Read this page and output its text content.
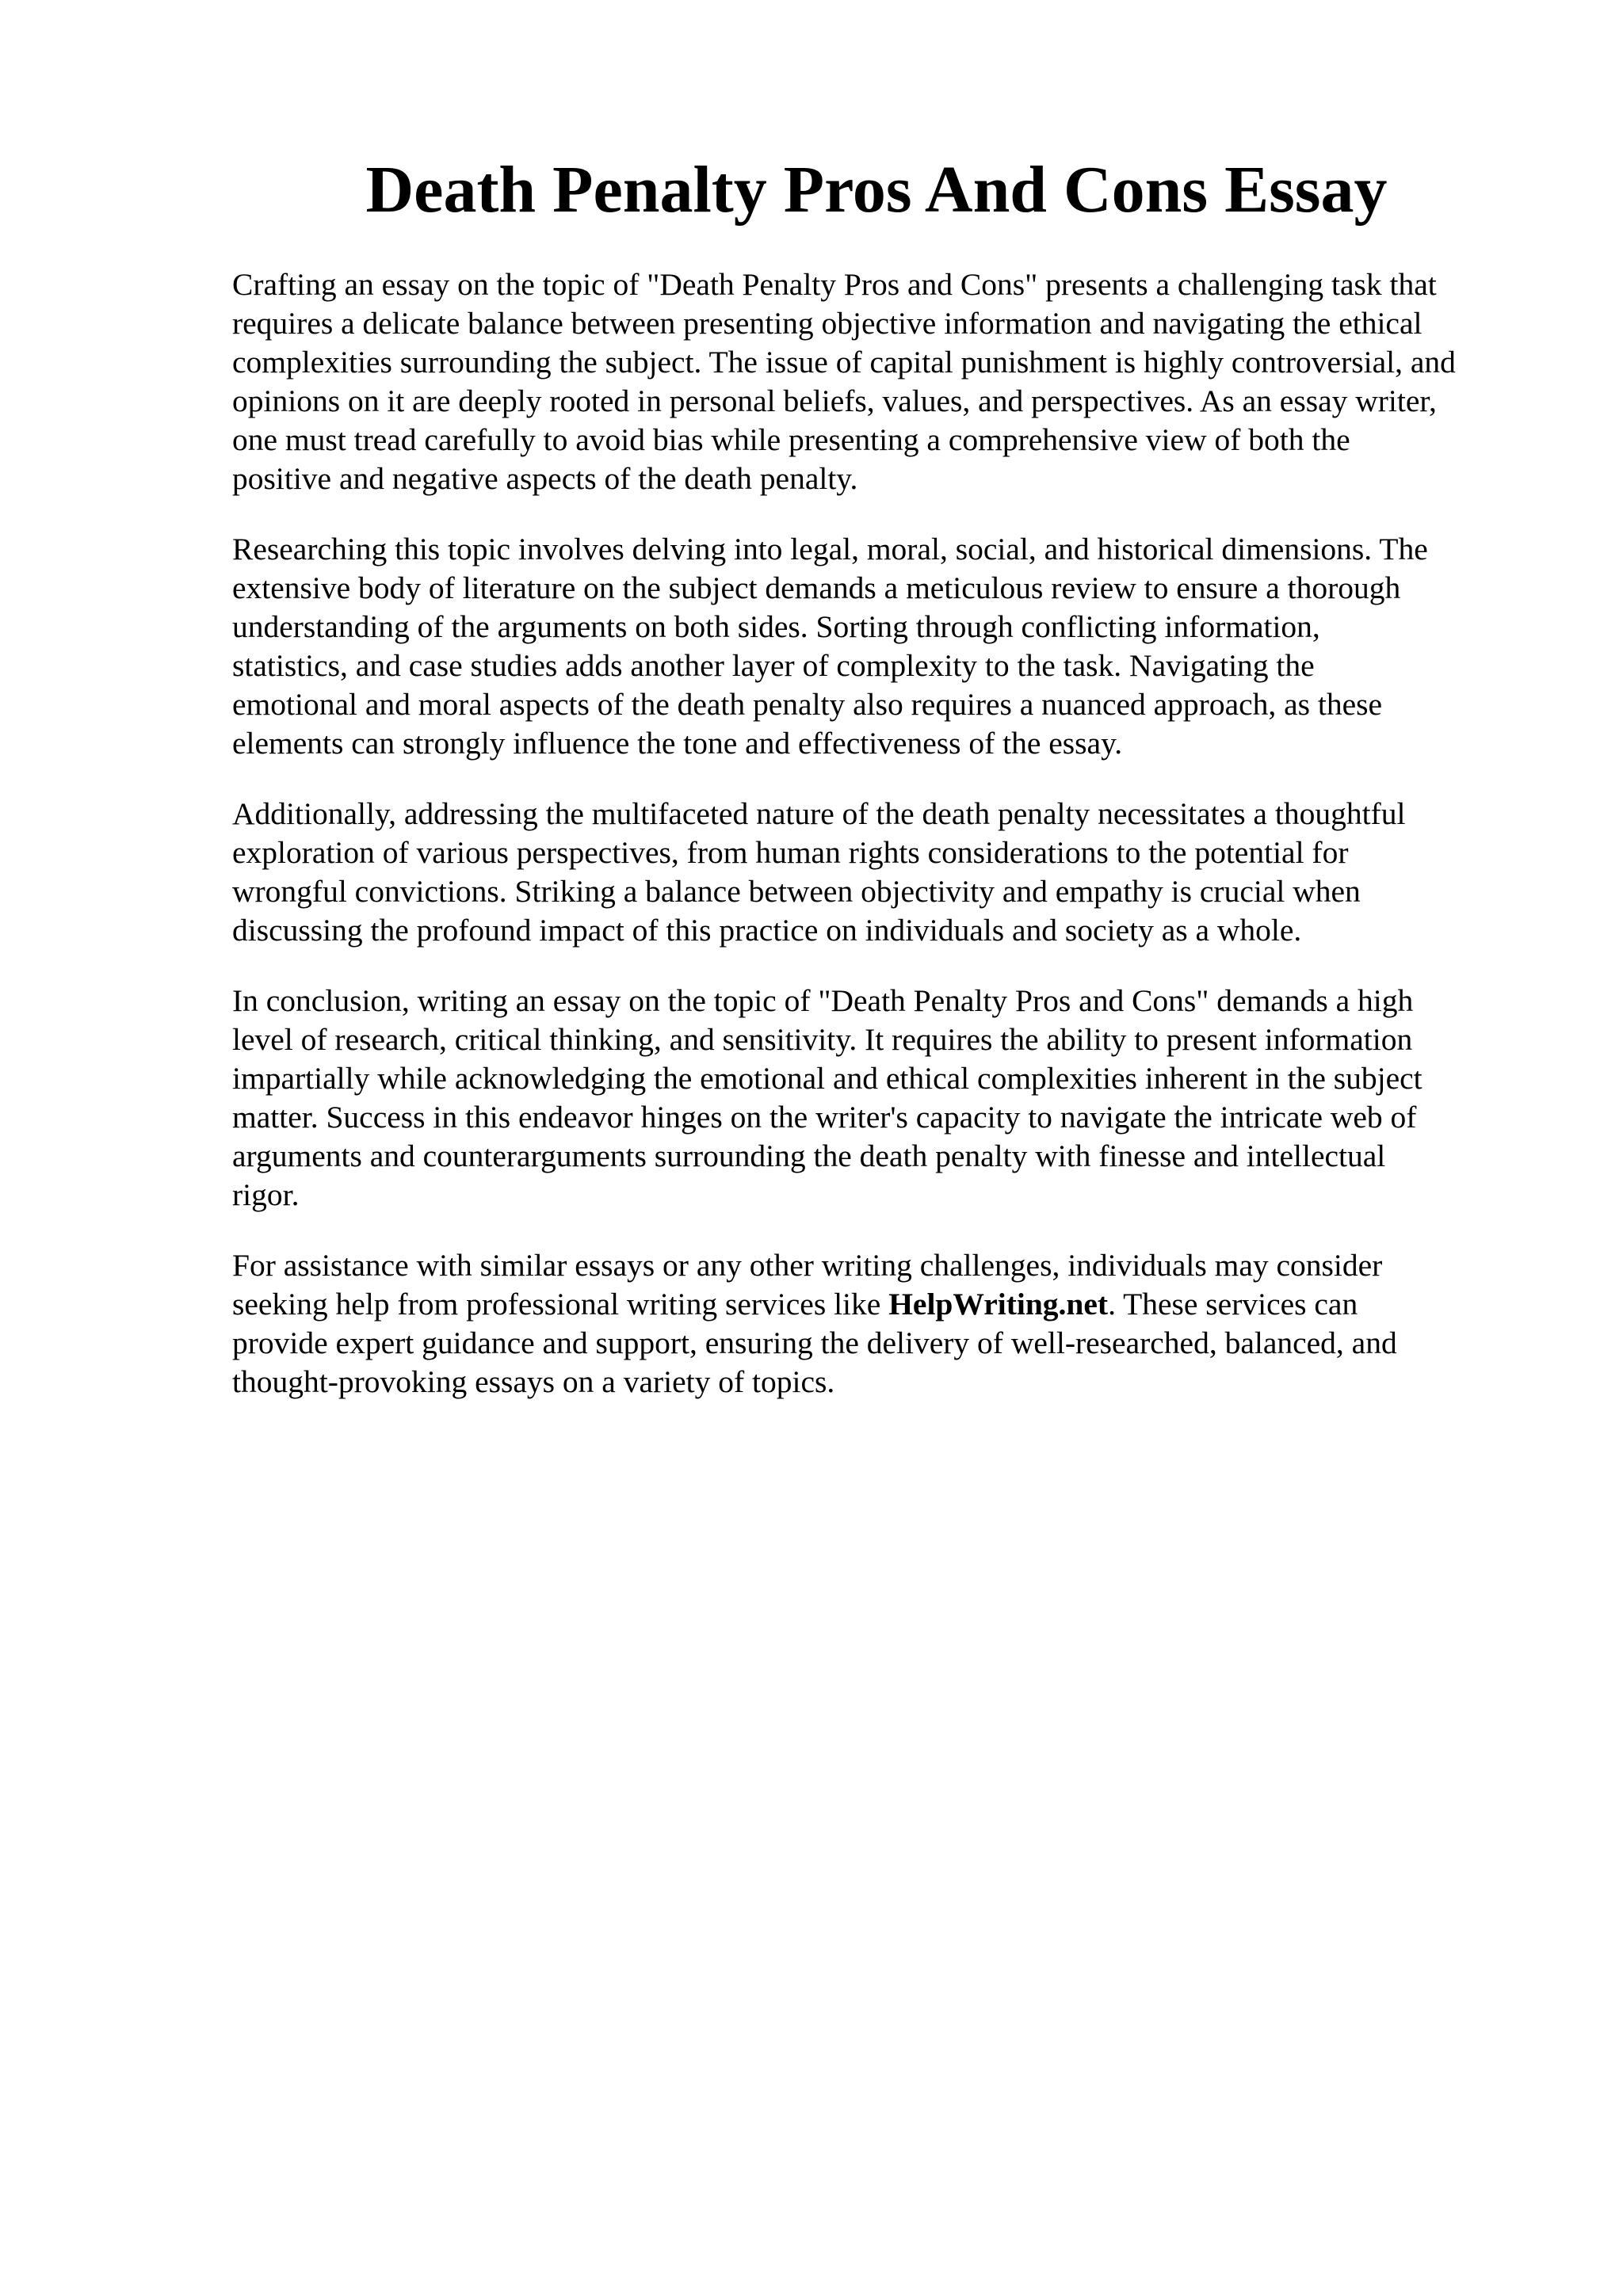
Death Penalty Pros And Cons Essay

Crafting an essay on the topic of "Death Penalty Pros and Cons" presents a challenging task that
requires a delicate balance between presenting objective information and navigating the ethical
complexities surrounding the subject. The issue of capital punishment is highly controversial, and
opinions on it are deeply rooted in personal beliefs, values, and perspectives. As an essay writer,
one must tread carefully to avoid bias while presenting a comprehensive view of both the
positive and negative aspects of the death penalty.

Researching this topic involves delving into legal, moral, social, and historical dimensions. The
extensive body of literature on the subject demands a meticulous review to ensure a thorough
understanding of the arguments on both sides. Sorting through conflicting information,
statistics, and case studies adds another layer of complexity to the task. Navigating the
emotional and moral aspects of the death penalty also requires a nuanced approach, as these
elements can strongly influence the tone and effectiveness of the essay.

Additionally, addressing the multifaceted nature of the death penalty necessitates a thoughtful
exploration of various perspectives, from human rights considerations to the potential for
wrongful convictions. Striking a balance between objectivity and empathy is crucial when
discussing the profound impact of this practice on individuals and society as a whole.

In conclusion, writing an essay on the topic of "Death Penalty Pros and Cons" demands a high
level of research, critical thinking, and sensitivity. It requires the ability to present information
impartially while acknowledging the emotional and ethical complexities inherent in the subject
matter. Success in this endeavor hinges on the writer's capacity to navigate the intricate web of
arguments and counterarguments surrounding the death penalty with finesse and intellectual
rigor.

For assistance with similar essays or any other writing challenges, individuals may consider
seeking help from professional writing services like HelpWriting.net. These services can
provide expert guidance and support, ensuring the delivery of well-researched, balanced, and
thought-provoking essays on a variety of topics.
